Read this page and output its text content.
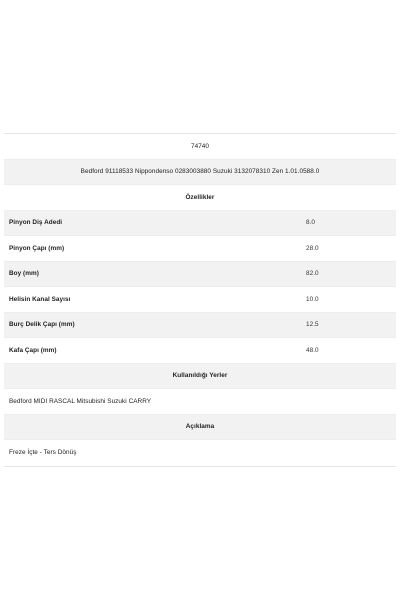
74740
Bedford 91118533 Nippondenso 0283003880 Suzuki 3132078310 Zen 1.01.0588.0
Özellikler
Pinyon Diş Adedi	8.0
Pinyon Çapı (mm)	28.0
Boy (mm)	82.0
Helisin Kanal Sayısı	10.0
Burç Delik Çapı (mm)	12.5
Kafa Çapı (mm)	48.0
Kullanıldığı Yerler
Bedford MIDI RASCAL Mitsubishi Suzuki CARRY
Açıklama
Freze İçte - Ters Dönüş
